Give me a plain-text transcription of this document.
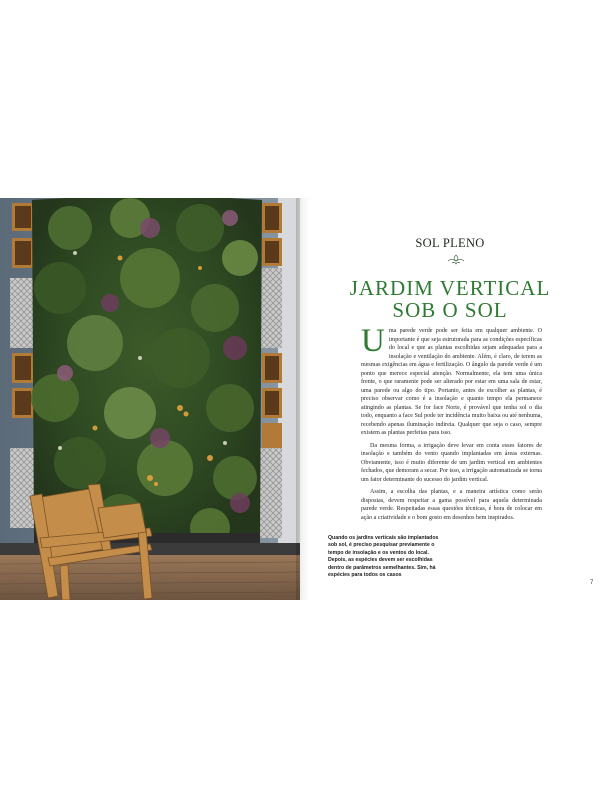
SOL PLENO
JARDIM VERTICAL
SOB O SOL

Uma parede verde pode ser feita em qualquer ambiente. O importante é que seja estruturada para as condições específicas do local e que as plantas escolhidas sejam adequadas para a insolação e ventilação do ambiente. Além, é claro, de terem as mesmas exigências em água e fertilização. O ângulo da parede verde é um ponto que merece especial atenção. Normalmente, ela tem uma única frente, o que raramente pode ser alterado por estar em uma sala de estar, uma parede ou algo do tipo. Portanto, antes de escolher as plantas, é preciso observar como é a insolação e quanto tempo ela permanece atingindo as plantas. Se for face Norte, é provável que tenha sol o dia todo, enquanto a face Sul pode ter incidência muito baixa ou até nenhuma, recebendo apenas iluminação indireta. Qualquer que seja o caso, sempre existem as plantas perfeitas para isso.

Da mesma forma, a irrigação deve levar em conta esses fatores de insolação e também do vento quando implantadas em áreas externas. Obviamente, isso é muito diferente de um jardim vertical em ambientes fechados, que demoram a secar. Por isso, a irrigação automatizada se torna um fator determinante do sucesso do jardim vertical.

Assim, a escolha das plantas, e a maneira artística como serão dispostas, devem respeitar a gama possível para aquela determinada parede verde. Respeitadas essas questões técnicas, é hora de colocar em ação a criatividade e o bom gosto em desenhos bem inspirados.

Quando os jardins verticais são implantados sob sol, é preciso pesquisar previamente o tempo de insolação e os ventos do local. Depois, as espécies devem ser escolhidas dentro de parâmetros semelhantes. Sim, há espécies para todos os casos

7
